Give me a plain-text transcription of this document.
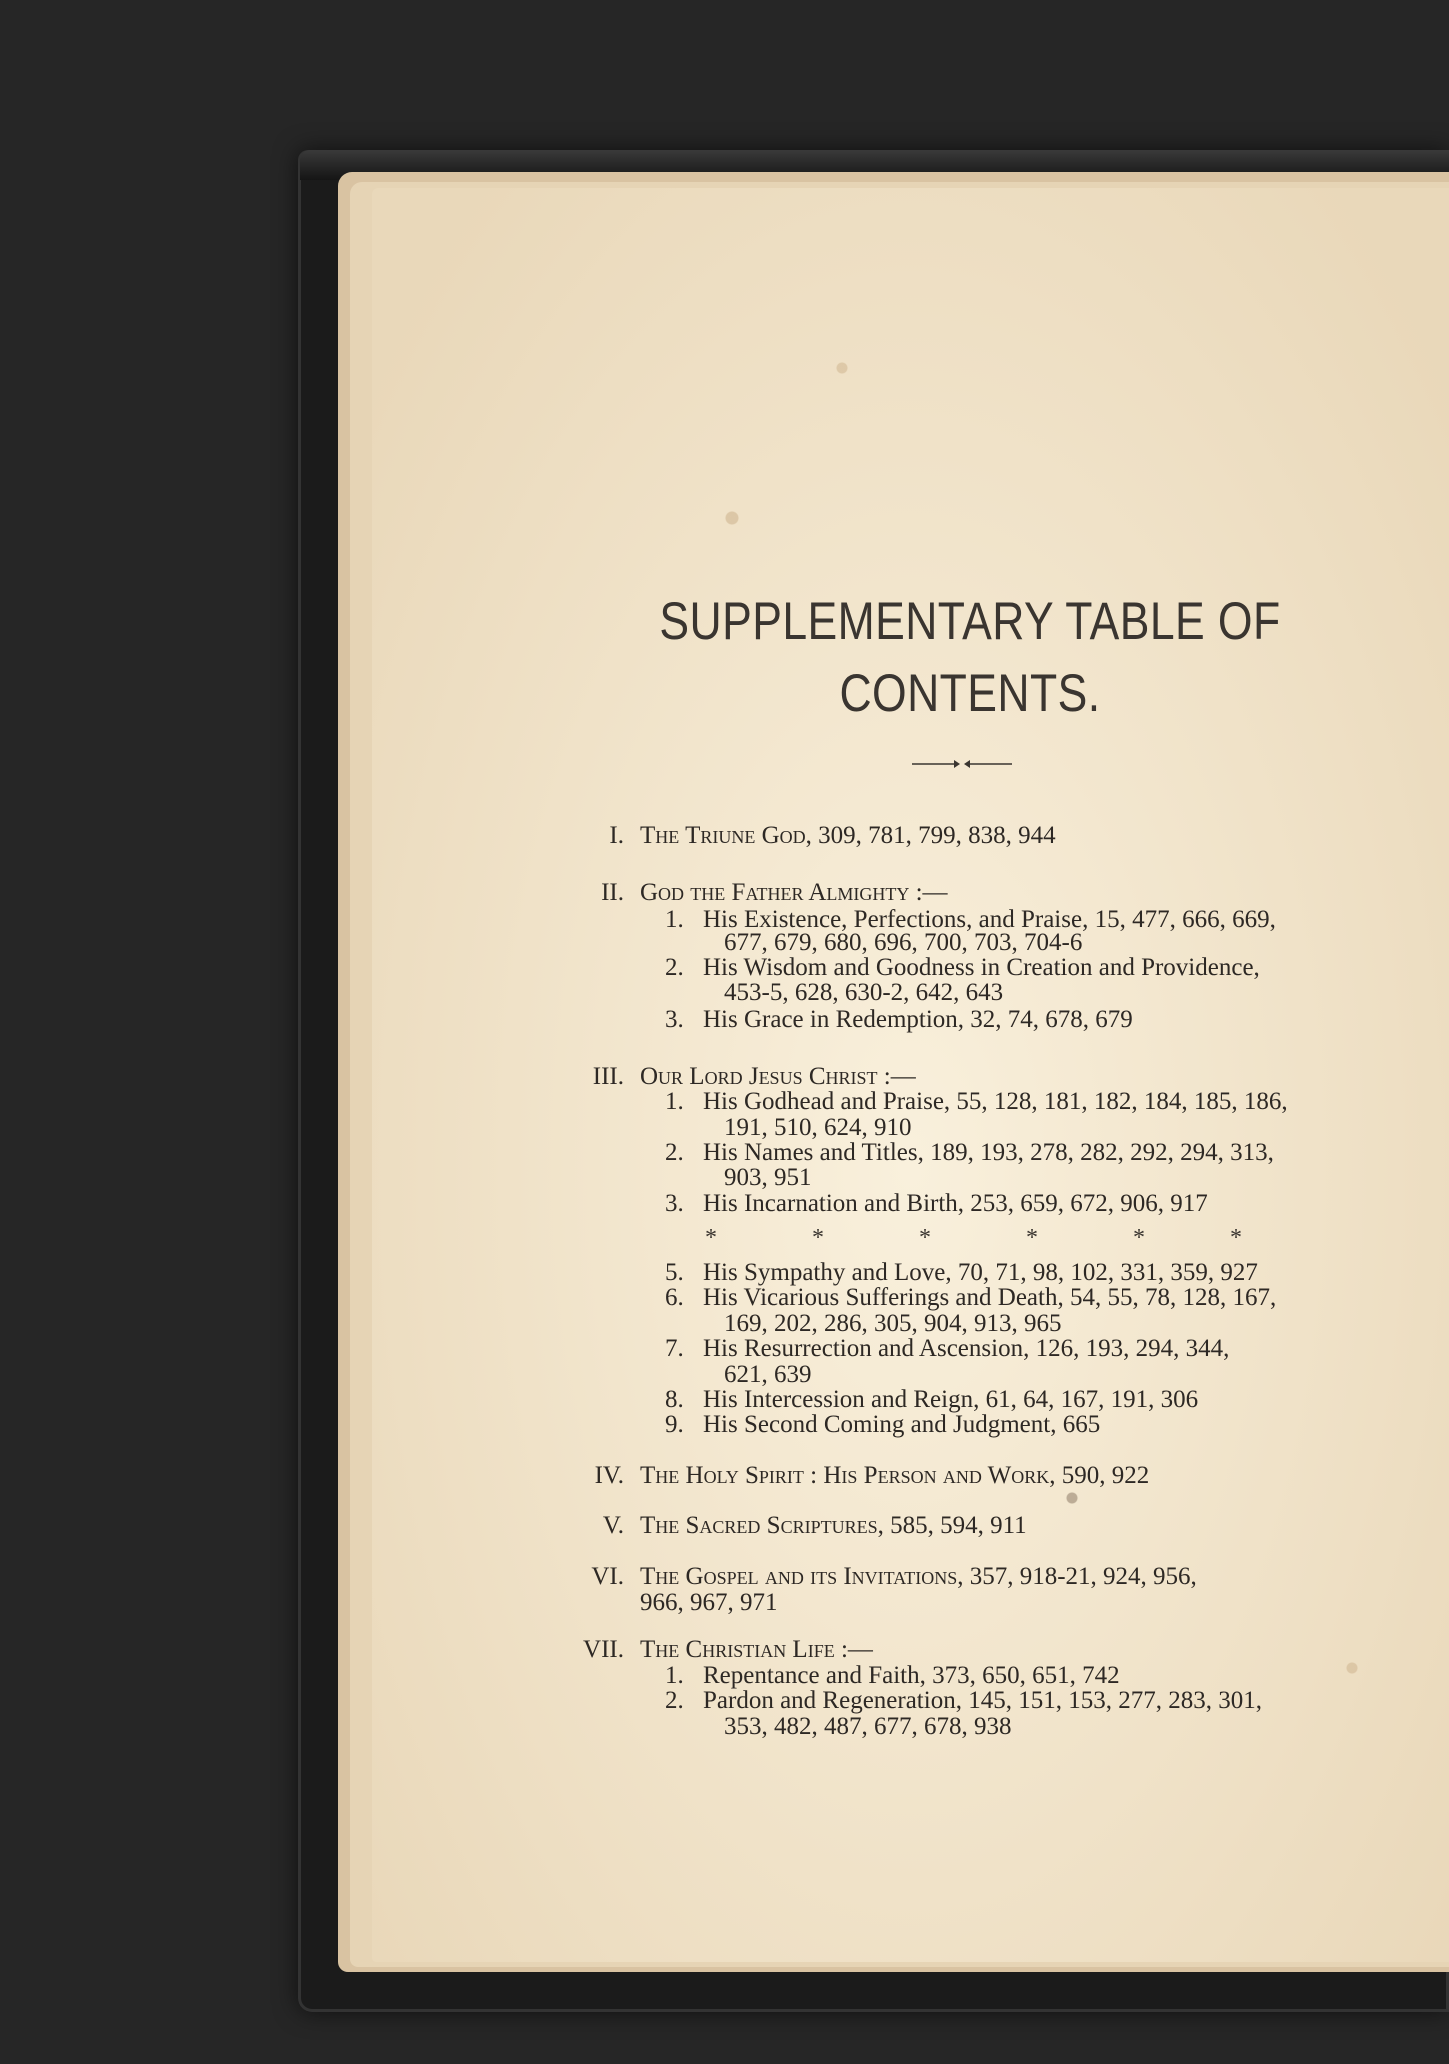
SUPPLEMENTARY TABLE OF
CONTENTS.
I. The Triune God, 309, 781, 799, 838, 944
II. God the Father Almighty :—
1. His Existence, Perfections, and Praise, 15, 477, 666, 669,
677, 679, 680, 696, 700, 703, 704-6
2. His Wisdom and Goodness in Creation and Providence,
453-5, 628, 630-2, 642, 643
3. His Grace in Redemption, 32, 74, 678, 679
III. Our Lord Jesus Christ :—
1. His Godhead and Praise, 55, 128, 181, 182, 184, 185, 186,
191, 510, 624, 910
2. His Names and Titles, 189, 193, 278, 282, 292, 294, 313,
903, 951
3. His Incarnation and Birth, 253, 659, 672, 906, 917
*	*	*	*	*	*
5. His Sympathy and Love, 70, 71, 98, 102, 331, 359, 927
6. His Vicarious Sufferings and Death, 54, 55, 78, 128, 167,
169, 202, 286, 305, 904, 913, 965
7. His Resurrection and Ascension, 126, 193, 294, 344,
621, 639
8. His Intercession and Reign, 61, 64, 167, 191, 306
9. His Second Coming and Judgment, 665
IV. The Holy Spirit : His Person and Work, 590, 922
V. The Sacred Scriptures, 585, 594, 911
VI. The Gospel and its Invitations, 357, 918-21, 924, 956,
966, 967, 971
VII. The Christian Life :—
1. Repentance and Faith, 373, 650, 651, 742
2. Pardon and Regeneration, 145, 151, 153, 277, 283, 301,
353, 482, 487, 677, 678, 938
